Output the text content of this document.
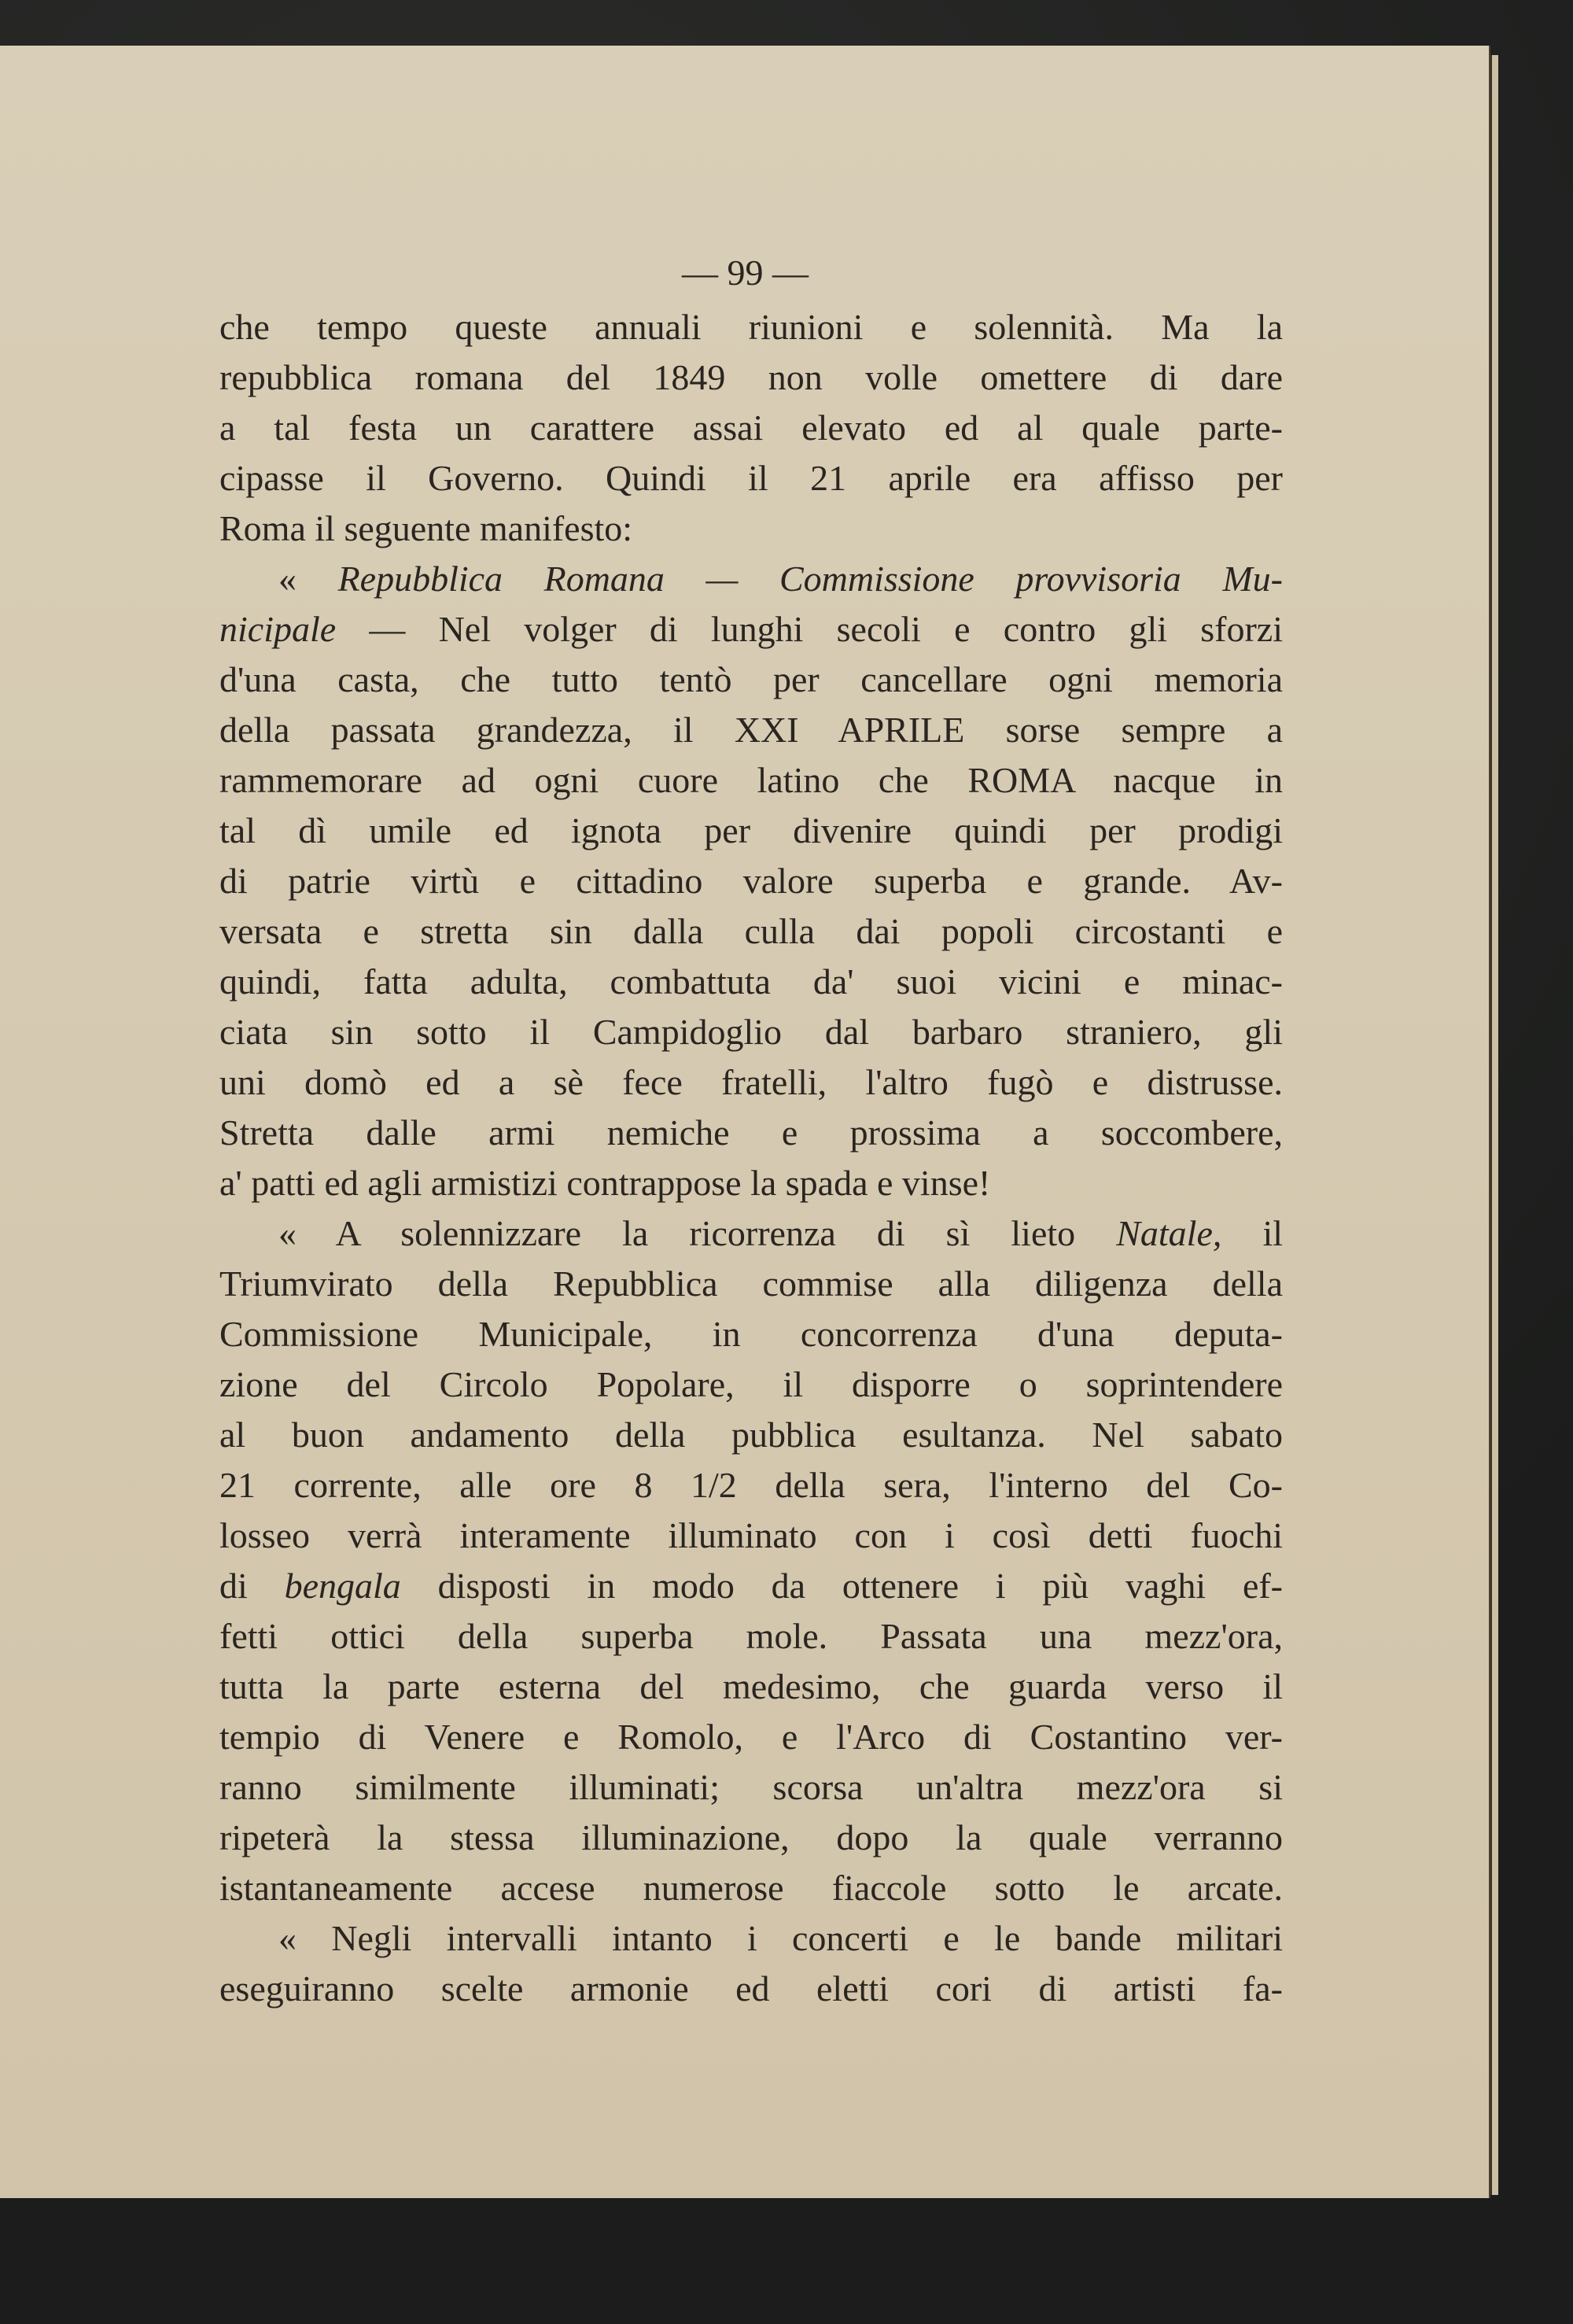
— 99 —
che tempo queste annuali riunioni e solennità. Ma la
repubblica romana del 1849 non volle omettere di dare
a tal festa un carattere assai elevato ed al quale parte-
cipasse il Governo. Quindi il 21 aprile era affisso per
Roma il seguente manifesto:
« Repubblica Romana — Commissione provvisoria Mu-
nicipale — Nel volger di lunghi secoli e contro gli sforzi
d'una casta, che tutto tentò per cancellare ogni memoria
della passata grandezza, il XXI APRILE sorse sempre a
rammemorare ad ogni cuore latino che ROMA nacque in
tal dì umile ed ignota per divenire quindi per prodigi
di patrie virtù e cittadino valore superba e grande. Av-
versata e stretta sin dalla culla dai popoli circostanti e
quindi, fatta adulta, combattuta da' suoi vicini e minac-
ciata sin sotto il Campidoglio dal barbaro straniero, gli
uni domò ed a sè fece fratelli, l'altro fugò e distrusse.
Stretta dalle armi nemiche e prossima a soccombere,
a' patti ed agli armistizi contrappose la spada e vinse!
« A solennizzare la ricorrenza di sì lieto Natale, il
Triumvirato della Repubblica commise alla diligenza della
Commissione Municipale, in concorrenza d'una deputa-
zione del Circolo Popolare, il disporre o soprintendere
al buon andamento della pubblica esultanza. Nel sabato
21 corrente, alle ore 8 1/2 della sera, l'interno del Co-
losseo verrà interamente illuminato con i così detti fuochi
di bengala disposti in modo da ottenere i più vaghi ef-
fetti ottici della superba mole. Passata una mezz'ora,
tutta la parte esterna del medesimo, che guarda verso il
tempio di Venere e Romolo, e l'Arco di Costantino ver-
ranno similmente illuminati; scorsa un'altra mezz'ora si
ripeterà la stessa illuminazione, dopo la quale verranno
istantaneamente accese numerose fiaccole sotto le arcate.
« Negli intervalli intanto i concerti e le bande militari
eseguiranno scelte armonie ed eletti cori di artisti fa-
